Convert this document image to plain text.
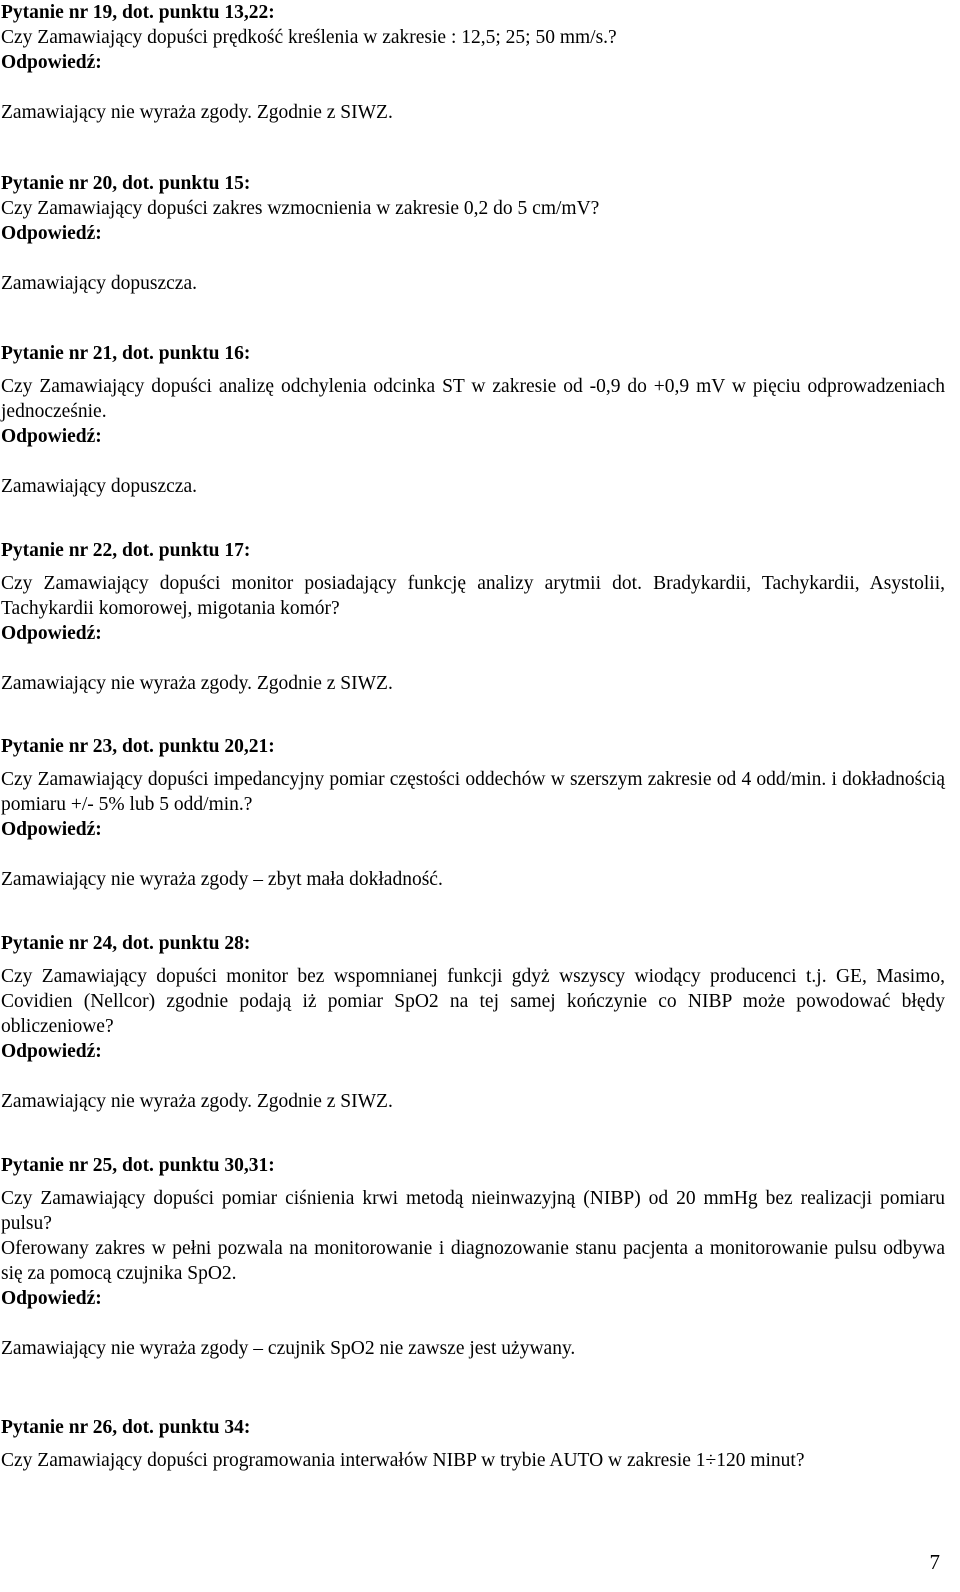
Pytanie nr 19, dot. punktu 13,22:
Czy Zamawiający dopuści prędkość kreślenia w zakresie : 12,5; 25; 50 mm/s.?
Odpowiedź:
Zamawiający nie wyraża zgody. Zgodnie z SIWZ.
Pytanie nr 20, dot. punktu 15:
Czy Zamawiający dopuści zakres wzmocnienia w zakresie 0,2 do 5 cm/mV?
Odpowiedź:
Zamawiający dopuszcza.
Pytanie nr 21, dot. punktu 16:
Czy Zamawiający dopuści analizę odchylenia odcinka ST w zakresie od -0,9 do +0,9 mV w pięciu odprowadzeniach jednocześnie.
Odpowiedź:
Zamawiający dopuszcza.
Pytanie nr 22, dot. punktu 17:
Czy Zamawiający dopuści monitor posiadający funkcję analizy arytmii dot. Bradykardii, Tachykardii, Asystolii, Tachykardii komorowej, migotania komór?
Odpowiedź:
Zamawiający nie wyraża zgody. Zgodnie z SIWZ.
Pytanie nr 23, dot. punktu 20,21:
Czy Zamawiający dopuści impedancyjny pomiar częstości oddechów w szerszym zakresie od 4 odd/min. i dokładnością pomiaru +/- 5% lub 5 odd/min.?
Odpowiedź:
Zamawiający nie wyraża zgody – zbyt mała dokładność.
Pytanie nr 24, dot. punktu 28:
Czy Zamawiający dopuści monitor bez wspomnianej funkcji gdyż wszyscy wiodący producenci t.j. GE, Masimo, Covidien (Nellcor) zgodnie podają iż pomiar SpO2 na tej samej kończynie co NIBP może powodować błędy obliczeniowe?
Odpowiedź:
Zamawiający nie wyraża zgody. Zgodnie z SIWZ.
Pytanie nr 25, dot. punktu 30,31:
Czy Zamawiający dopuści pomiar ciśnienia krwi metodą nieinwazyjną (NIBP) od 20 mmHg bez realizacji pomiaru pulsu?
Oferowany zakres w pełni pozwala na monitorowanie i diagnozowanie stanu pacjenta a monitorowanie pulsu odbywa się za pomocą czujnika SpO2.
Odpowiedź:
Zamawiający nie wyraża zgody – czujnik SpO2 nie zawsze jest używany.
Pytanie nr 26, dot. punktu 34:
Czy Zamawiający dopuści programowania interwałów NIBP w trybie AUTO w zakresie 1÷120 minut?
7
